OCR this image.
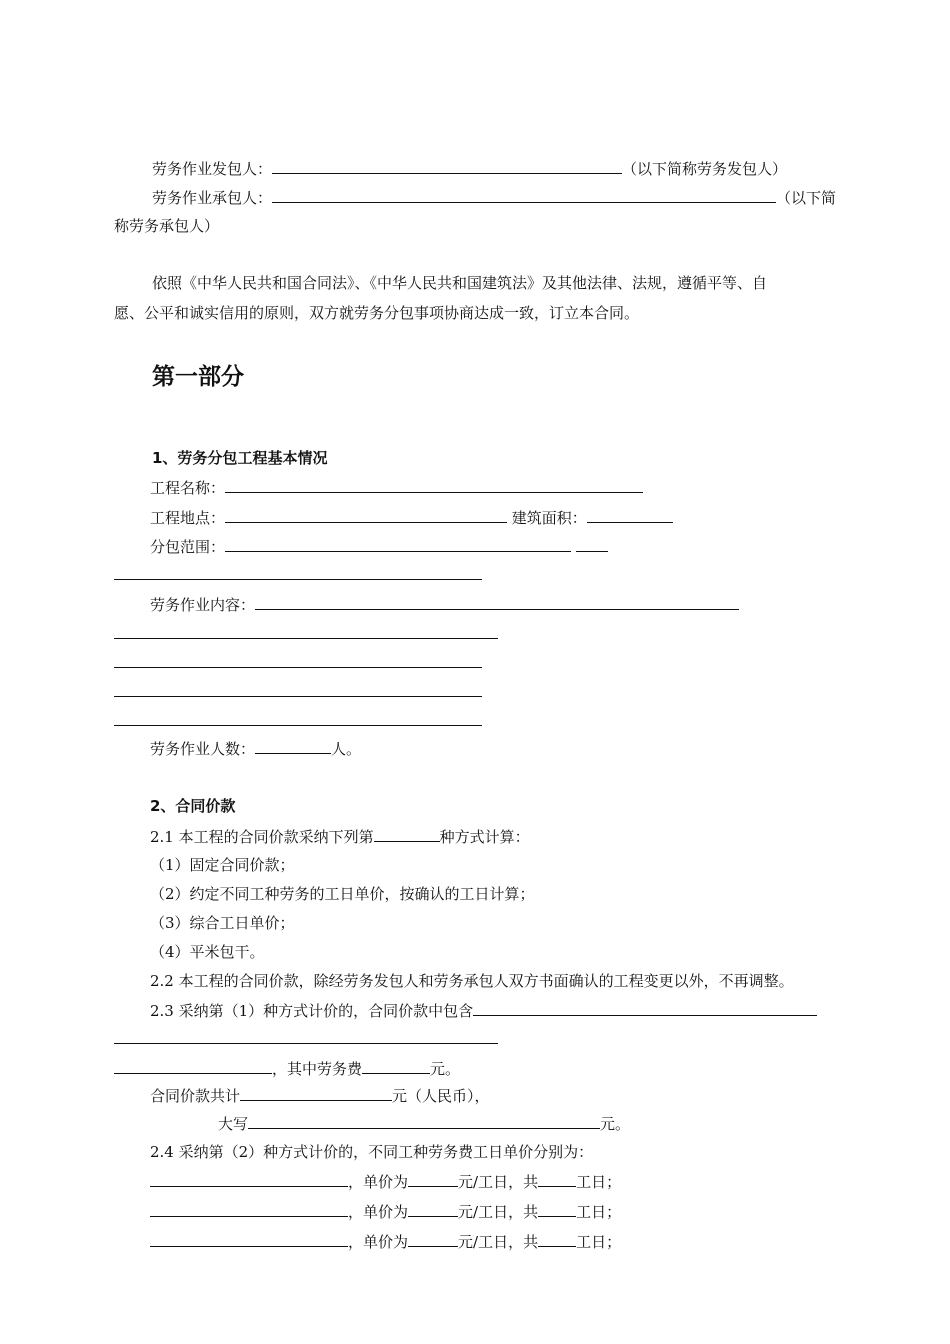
劳务作业发包人：	（以下简称劳务发包人）
劳务作业承包人：	（以下简
称劳务承包人）
依照《中华人民共和国合同法》、《中华人民共和国建筑法》及其他法律、法规，遵循平等、自
愿、公平和诚实信用的原则，双方就劳务分包事项协商达成一致，订立本合同。
第一部分
1、劳务分包工程基本情况
工程名称：
工程地点：	建筑面积：
分包范围：
劳务作业内容：
劳务作业人数：	人。
2、合同价款
2.1 本工程的合同价款采纳下列第	种方式计算：
（1）固定合同价款；
（2）约定不同工种劳务的工日单价，按确认的工日计算；
（3）综合工日单价；
（4）平米包干。
2.2 本工程的合同价款，除经劳务发包人和劳务承包人双方书面确认的工程变更以外，不再调整。
2.3 采纳第（1）种方式计价的，合同价款中包含
，其中劳务费	元。
合同价款共计	元（人民币），
大写	元。
2.4 采纳第（2）种方式计价的，不同工种劳务费工日单价分别为：
，单价为	元/工日，共	工日；
，单价为	元/工日，共	工日；
，单价为	元/工日，共	工日；
